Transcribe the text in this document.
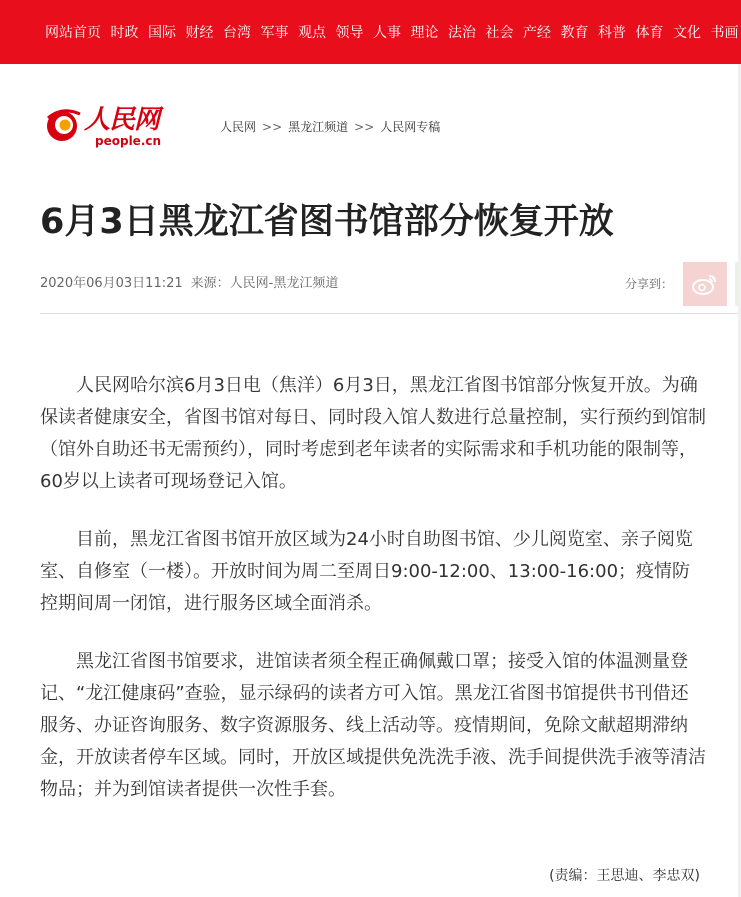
网站首页 时政 国际 财经 台湾 军事 观点 领导 人事 理论 法治 社会 产经 教育 科普 体育 文化 书画
人民网
people.cn
人民网 >> 黑龙江频道 >> 人民网专稿
6月3日黑龙江省图书馆部分恢复开放
2020年06月03日11:21 来源：人民网-黑龙江频道	分享到：

人民网哈尔滨6月3日电（焦洋）6月3日，黑龙江省图书馆部分恢复开放。为确保读者健康安全，省图书馆对每日、同时段入馆人数进行总量控制，实行预约到馆制（馆外自助还书无需预约），同时考虑到老年读者的实际需求和手机功能的限制等，60岁以上读者可现场登记入馆。

目前，黑龙江省图书馆开放区域为24小时自助图书馆、少儿阅览室、亲子阅览室、自修室（一楼）。开放时间为周二至周日9:00-12:00、13:00-16:00；疫情防控期间周一闭馆，进行服务区域全面消杀。

黑龙江省图书馆要求，进馆读者须全程正确佩戴口罩；接受入馆的体温测量登记、“龙江健康码”查验，显示绿码的读者方可入馆。黑龙江省图书馆提供书刊借还服务、办证咨询服务、数字资源服务、线上活动等。疫情期间，免除文献超期滞纳金，开放读者停车区域。同时，开放区域提供免洗洗手液、洗手间提供洗手液等清洁物品；并为到馆读者提供一次性手套。

(责编：王思迪、李忠双)
